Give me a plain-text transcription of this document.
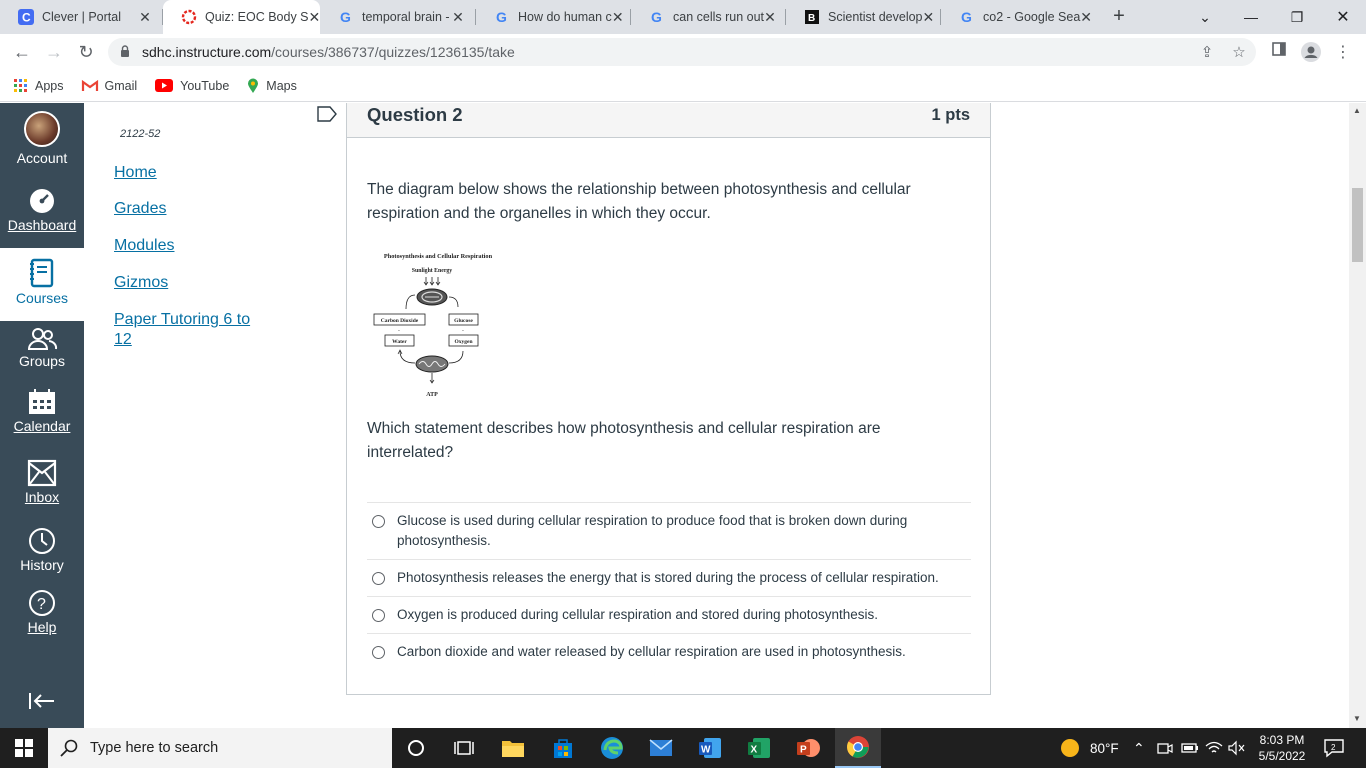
C Clever | Portal	✕	Quiz: EOC Body S ✕ G temporal brain - ✕ G How do human c ✕ G can cells run out ✕	B Scientist develop ✕ G co2 - Google Sea ✕ +	⌄	—	❐	✕
← → ↻	sdhc.instructure.com/courses/386737/quizzes/1236135/take	⇪ ☆	⋮
Apps	Gmail	YouTube	Maps
Account
Dashboard
Courses
Groups
Calendar
Inbox
History
?
Help
2122-52
Home
Grades
Modules
Gizmos
Paper Tutoring 6 to 12
Question 2	1 pts
The diagram below shows the relationship between photosynthesis and cellular respiration and the organelles in which they occur.
Photosynthesis and Cellular Respiration
Sunlight Energy
Carbon Dioxide	Glucose
-	-
Water	Oxygen
ATP
Which statement describes how photosynthesis and cellular respiration are interrelated?
Glucose is used during cellular respiration to produce food that is broken down during photosynthesis.
Photosynthesis releases the energy that is stored during the process of cellular respiration.
Oxygen is produced during cellular respiration and stored during photosynthesis.
Carbon dioxide and water released by cellular respiration are used in photosynthesis.
▲
▼
Type here to search	W	X	P	80°F ⌃	8:03 PM
5/5/2022
2
